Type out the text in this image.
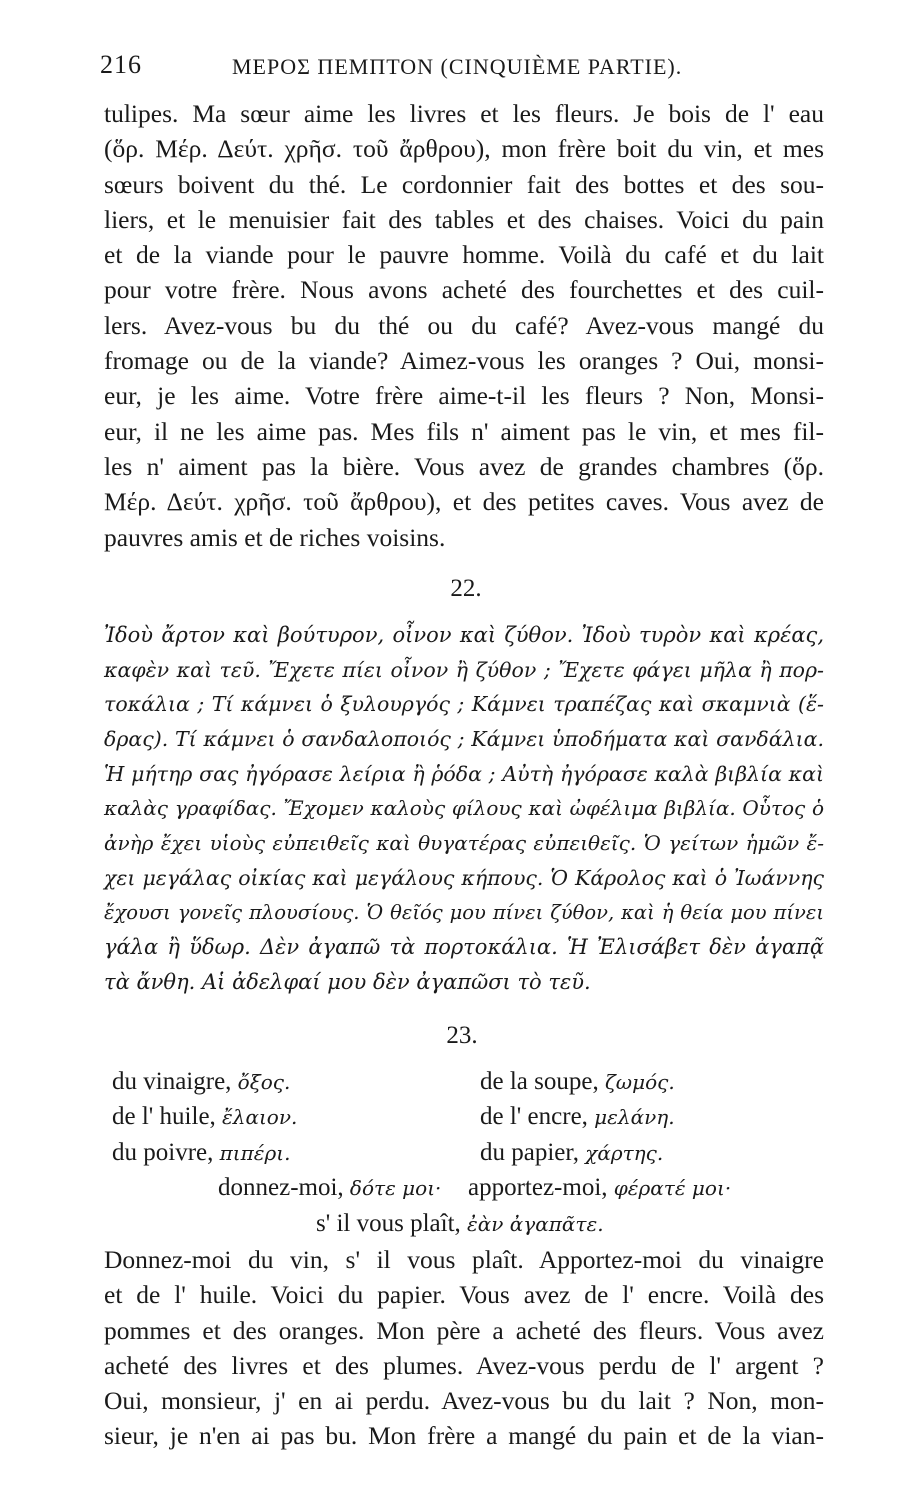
216	ΜΕΡΟΣ ΠΕΜΠΤΟΝ (CINQUIÈME PARTIE).
tulipes. Ma sœur aime les livres et les fleurs. Je bois de l' eau
(ὅρ. Μέρ. Δεύτ. χρῆσ. τοῦ ἄρθρου), mon frère boit du vin, et mes
sœurs boivent du thé. Le cordonnier fait des bottes et des sou-
liers, et le menuisier fait des tables et des chaises. Voici du pain
et de la viande pour le pauvre homme. Voilà du café et du lait
pour votre frère. Nous avons acheté des fourchettes et des cuil-
lers. Avez-vous bu du thé ou du café? Avez-vous mangé du
fromage ou de la viande? Aimez-vous les oranges ? Oui, monsi-
eur, je les aime. Votre frère aime-t-il les fleurs ? Non, Monsi-
eur, il ne les aime pas. Mes fils n' aiment pas le vin, et mes fil-
les n' aiment pas la bière. Vous avez de grandes chambres (ὅρ.
Μέρ. Δεύτ. χρῆσ. τοῦ ἄρθρου), et des petites caves. Vous avez de
pauvres amis et de riches voisins.
22.
Ἰδοὺ ἄρτον καὶ βούτυρον, οἶνον καὶ ζύθον. Ἰδοὺ τυρὸν καὶ κρέας,
καφὲν καὶ τεῦ. Ἔχετε πίει οἶνον ἢ ζύθον ; Ἔχετε φάγει μῆλα ἢ πορ-
τοκάλια ; Τί κάμνει ὁ ξυλουργός ; Κάμνει τραπέζας καὶ σκαμνιὰ (ἕ-
δρας). Τί κάμνει ὁ σανδαλοποιός ; Κάμνει ὑποδήματα καὶ σανδάλια.
Ἡ μήτηρ σας ἠγόρασε λείρια ἢ ῥόδα ; Αὐτὴ ἠγόρασε καλὰ βιβλία καὶ
καλὰς γραφίδας. Ἔχομεν καλοὺς φίλους καὶ ὠφέλιμα βιβλία. Οὗτος ὁ
ἀνὴρ ἔχει υἱοὺς εὐπειθεῖς καὶ θυγατέρας εὐπειθεῖς. Ὁ γείτων ἡμῶν ἔ-
χει μεγάλας οἰκίας καὶ μεγάλους κήπους. Ὁ Κάρολος καὶ ὁ Ἰωάννης
ἔχουσι γονεῖς πλουσίους. Ὁ θεῖός μου πίνει ζύθον, καὶ ἡ θεία μου πίνει
γάλα ἢ ὕδωρ. Δὲν ἀγαπῶ τὰ πορτοκάλια. Ἡ Ἐλισάβετ δὲν ἀγαπᾷ
τὰ ἄνθη. Αἱ ἀδελφαί μου δὲν ἀγαπῶσι τὸ τεῦ.
23.
du vinaigre, ὄξος.	de la soupe, ζωμός.
de l' huile, ἔλαιον.	de l' encre, μελάνη.
du poivre, πιπέρι.	du papier, χάρτης.
donnez-moi, δότε μοι· apportez-moi, φέρατέ μοι·
s' il vous plaît, ἐὰν ἀγαπᾶτε.
Donnez-moi du vin, s' il vous plaît. Apportez-moi du vinaigre
et de l' huile. Voici du papier. Vous avez de l' encre. Voilà des
pommes et des oranges. Mon père a acheté des fleurs. Vous avez
acheté des livres et des plumes. Avez-vous perdu de l' argent ?
Oui, monsieur, j' en ai perdu. Avez-vous bu du lait ? Non, mon-
sieur, je n'en ai pas bu. Mon frère a mangé du pain et de la vian-
